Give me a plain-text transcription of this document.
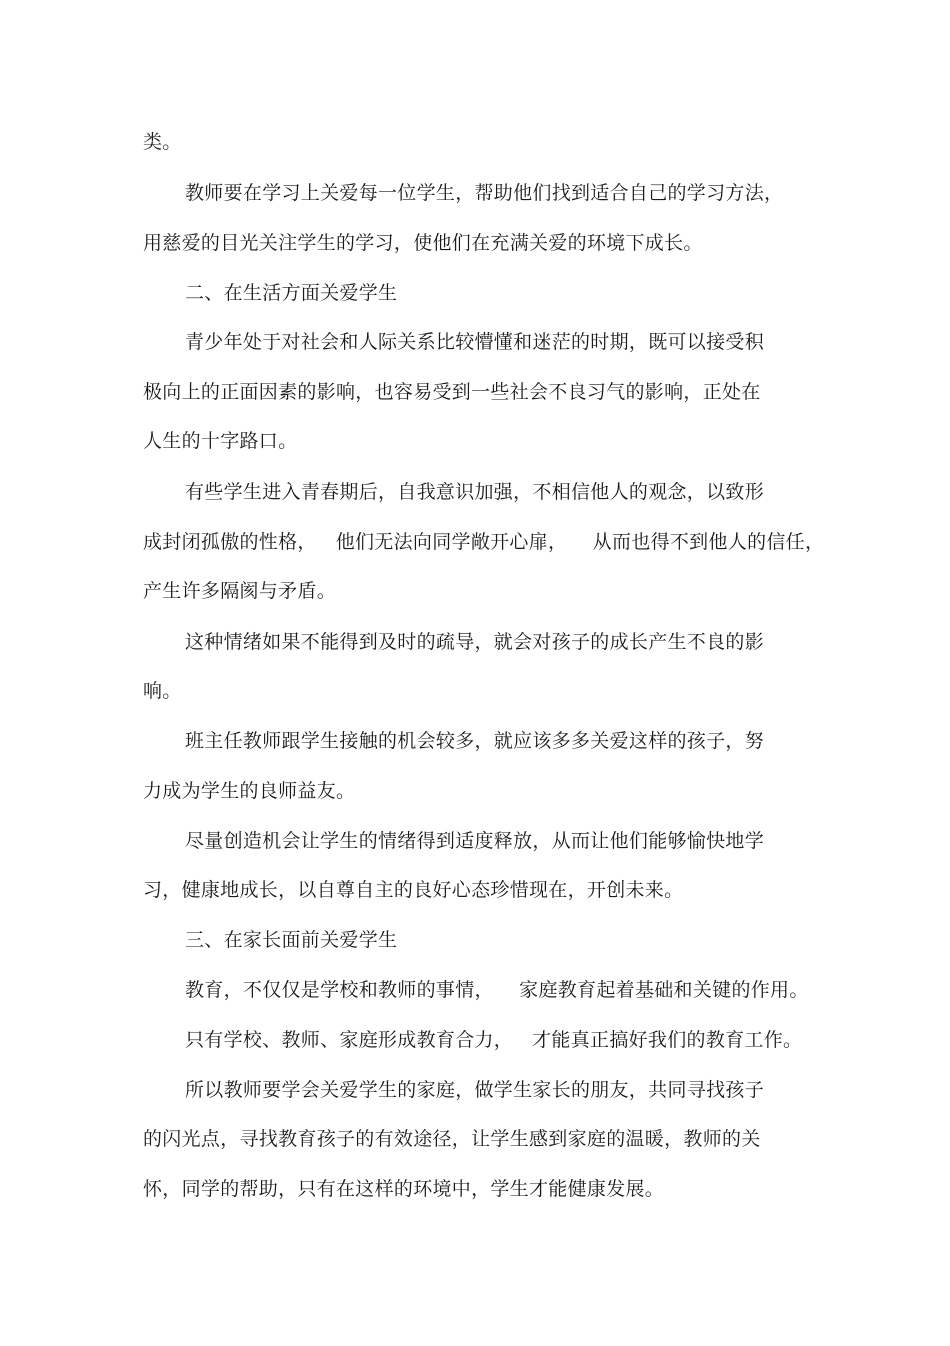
类。
教师要在学习上关爱每一位学生，帮助他们找到适合自己的学习方法，
用慈爱的目光关注学生的学习，使他们在充满关爱的环境下成长。
二、在生活方面关爱学生
青少年处于对社会和人际关系比较懵懂和迷茫的时期，既可以接受积
极向上的正面因素的影响，也容易受到一些社会不良习气的影响，正处在
人生的十字路口。
有些学生进入青春期后，自我意识加强，不相信他人的观念，以致形
成封闭孤傲的性格，   他们无法向同学敞开心扉，    从而也得不到他人的信任，
产生许多隔阂与矛盾。
这种情绪如果不能得到及时的疏导，就会对孩子的成长产生不良的影
响。
班主任教师跟学生接触的机会较多，就应该多多关爱这样的孩子，努
力成为学生的良师益友。
尽量创造机会让学生的情绪得到适度释放，从而让他们能够愉快地学
习，健康地成长，以自尊自主的良好心态珍惜现在，开创未来。
三、在家长面前关爱学生
教育，不仅仅是学校和教师的事情，    家庭教育起着基础和关键的作用。
只有学校、教师、家庭形成教育合力，   才能真正搞好我们的教育工作。
所以教师要学会关爱学生的家庭，做学生家长的朋友，共同寻找孩子
的闪光点，寻找教育孩子的有效途径，让学生感到家庭的温暖，教师的关
怀，同学的帮助，只有在这样的环境中，学生才能健康发展。
